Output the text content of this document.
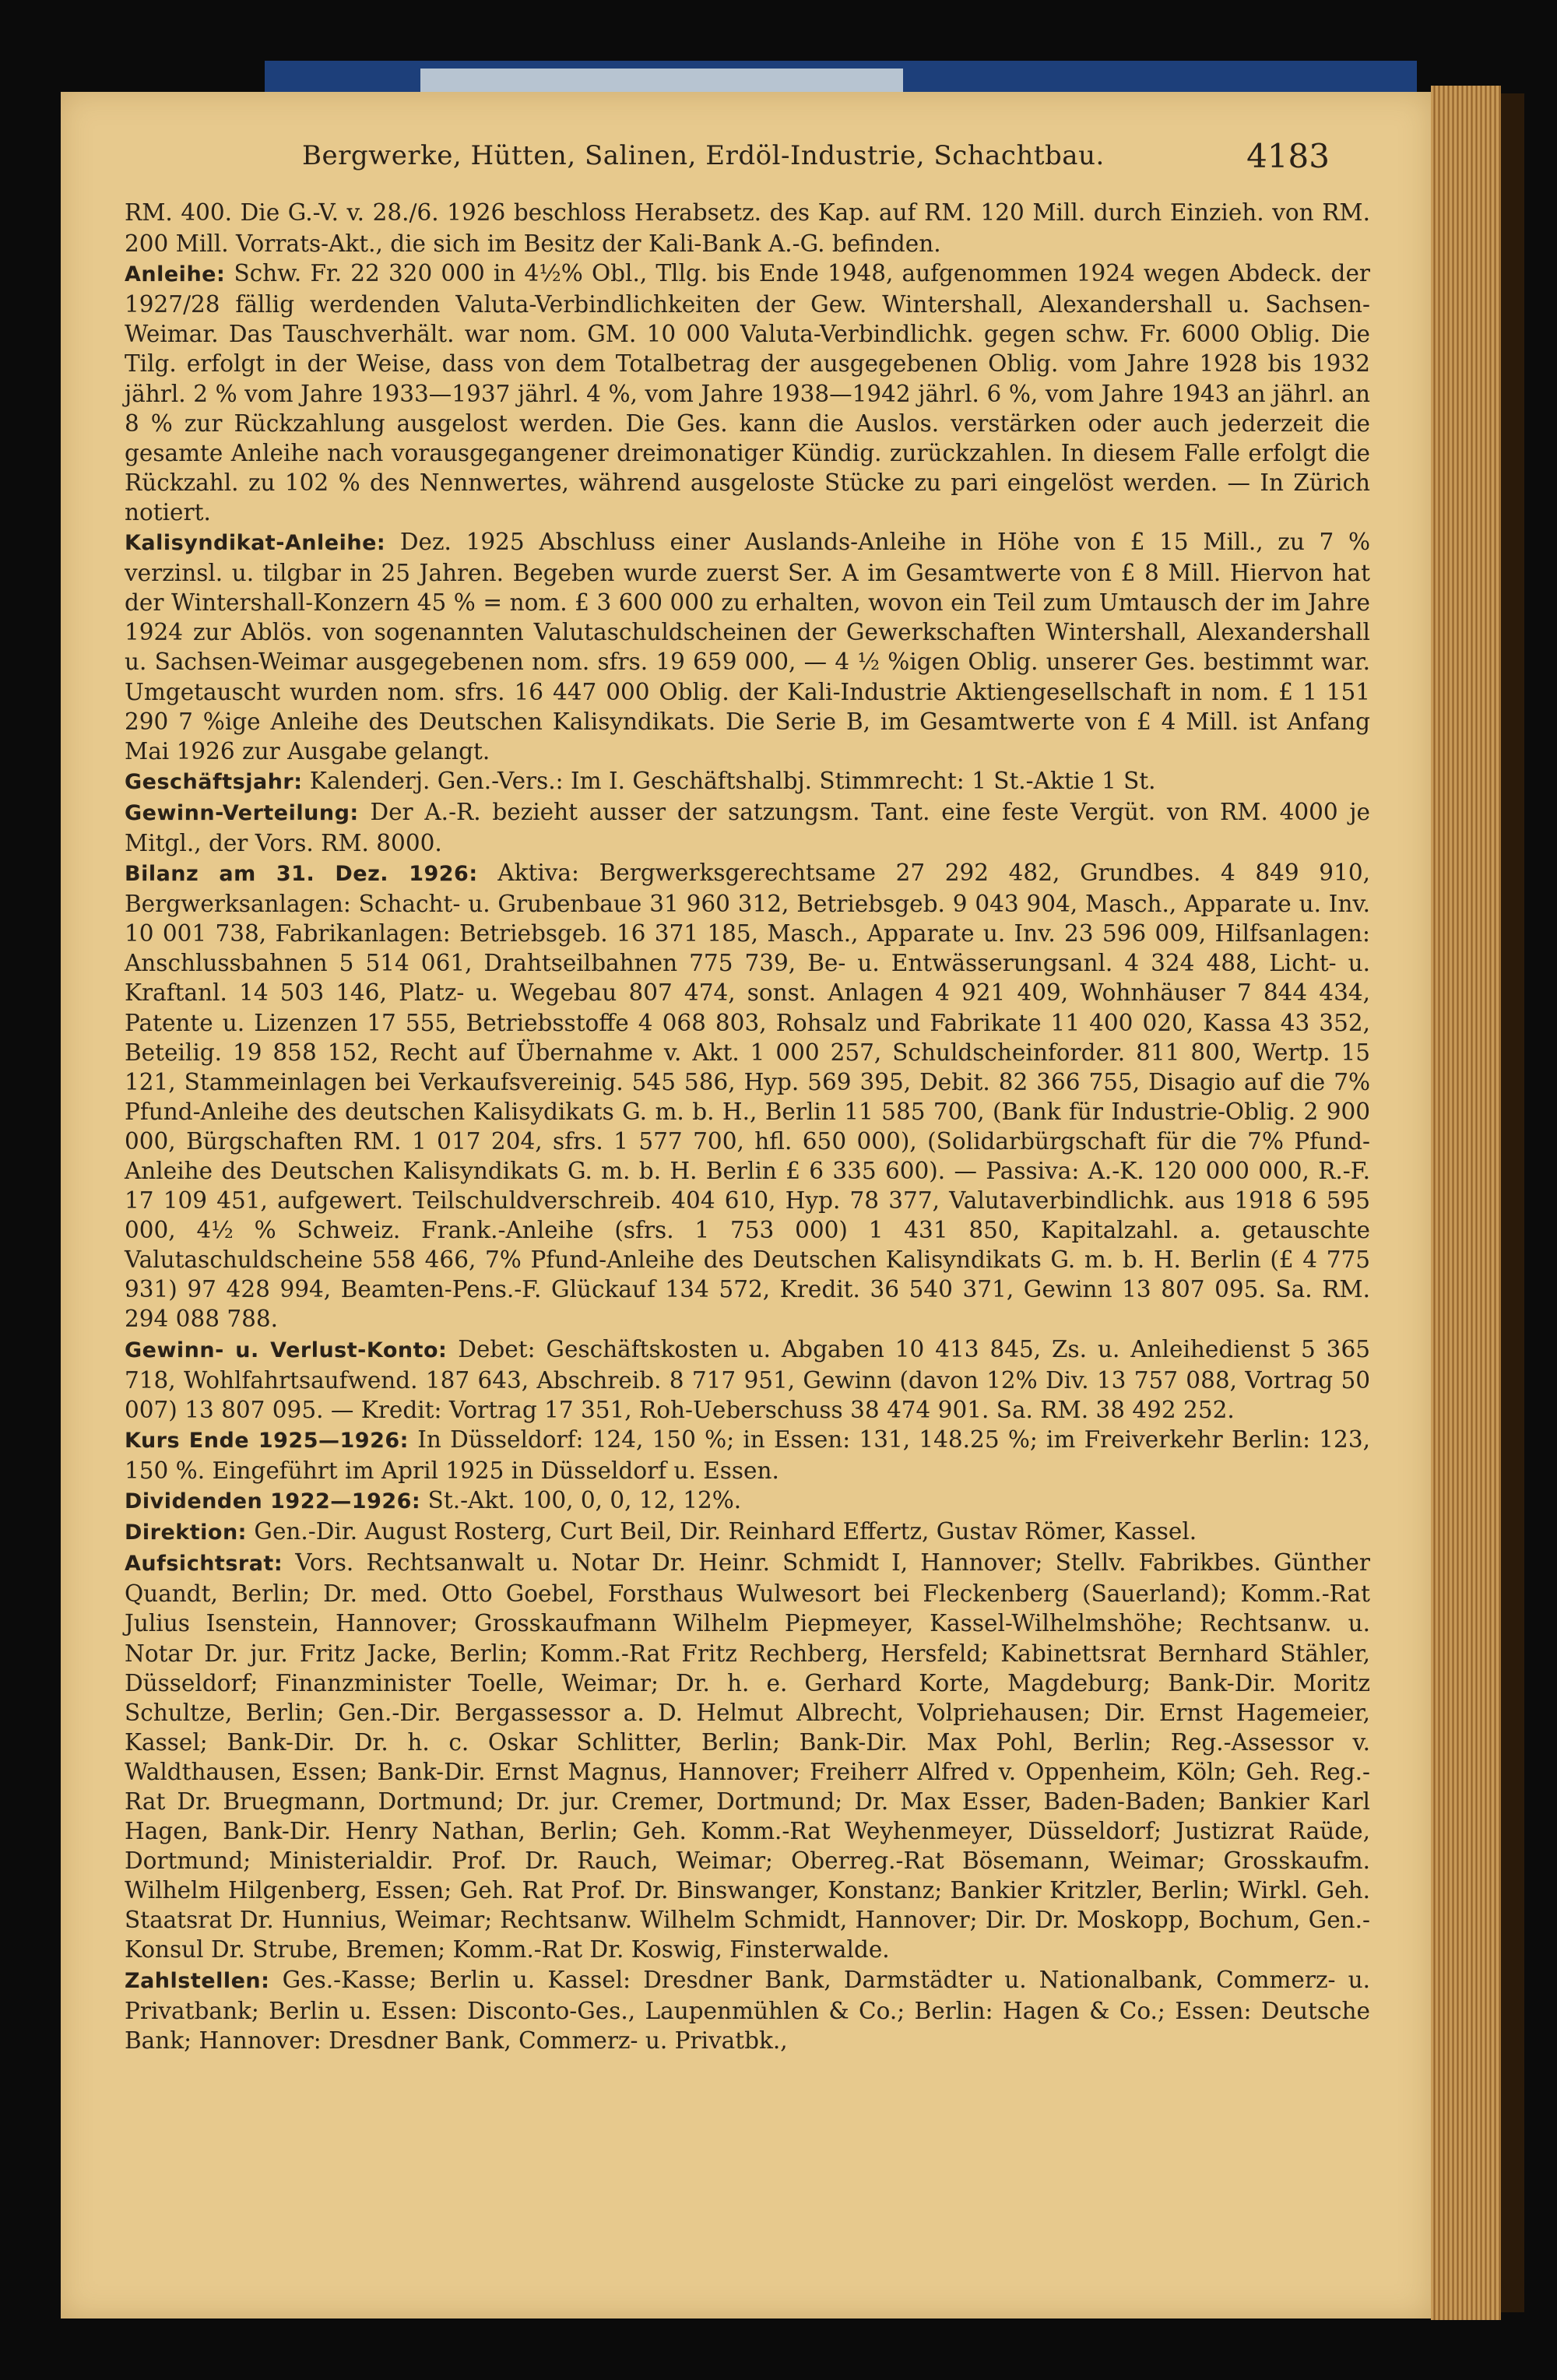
Bergwerke, Hütten, Salinen, Erdöl-Industrie, Schachtbau.	4183

RM. 400. Die G.-V. v. 28./6. 1926 beschloss Herabsetz. des Kap. auf RM. 120 Mill. durch Einzieh. von RM. 200 Mill. Vorrats-Akt., die sich im Besitz der Kali-Bank A.-G. befinden.

Anleihe: Schw. Fr. 22 320 000 in 4½% Obl., Tllg. bis Ende 1948, aufgenommen 1924 wegen Abdeck. der 1927/28 fällig werdenden Valuta-Verbindlichkeiten der Gew. Wintershall, Alexandershall u. Sachsen-Weimar. Das Tauschverhält. war nom. GM. 10 000 Valuta-Verbindlichk. gegen schw. Fr. 6000 Oblig. Die Tilg. erfolgt in der Weise, dass von dem Totalbetrag der ausgegebenen Oblig. vom Jahre 1928 bis 1932 jährl. 2 % vom Jahre 1933—1937 jährl. 4 %, vom Jahre 1938—1942 jährl. 6 %, vom Jahre 1943 an jährl. an 8 % zur Rückzahlung ausgelost werden. Die Ges. kann die Auslos. verstärken oder auch jederzeit die gesamte Anleihe nach vorausgegangener dreimonatiger Kündig. zurückzahlen. In diesem Falle erfolgt die Rückzahl. zu 102 % des Nennwertes, während ausgeloste Stücke zu pari eingelöst werden. — In Zürich notiert.

Kalisyndikat-Anleihe: Dez. 1925 Abschluss einer Auslands-Anleihe in Höhe von £ 15 Mill., zu 7 % verzinsl. u. tilgbar in 25 Jahren. Begeben wurde zuerst Ser. A im Gesamtwerte von £ 8 Mill. Hiervon hat der Wintershall-Konzern 45 % = nom. £ 3 600 000 zu erhalten, wovon ein Teil zum Umtausch der im Jahre 1924 zur Ablös. von sogenannten Valutaschuldscheinen der Gewerkschaften Wintershall, Alexandershall u. Sachsen-Weimar ausgegebenen nom. sfrs. 19 659 000, — 4 ½ %igen Oblig. unserer Ges. bestimmt war. Umgetauscht wurden nom. sfrs. 16 447 000 Oblig. der Kali-Industrie Aktiengesellschaft in nom. £ 1 151 290 7 %ige Anleihe des Deutschen Kalisyndikats. Die Serie B, im Gesamtwerte von £ 4 Mill. ist Anfang Mai 1926 zur Ausgabe gelangt.

Geschäftsjahr: Kalenderj. Gen.-Vers.: Im I. Geschäftshalbj. Stimmrecht: 1 St.-Aktie 1 St.

Gewinn-Verteilung: Der A.-R. bezieht ausser der satzungsm. Tant. eine feste Vergüt. von RM. 4000 je Mitgl., der Vors. RM. 8000.

Bilanz am 31. Dez. 1926: Aktiva: Bergwerksgerechtsame 27 292 482, Grundbes. 4 849 910, Bergwerksanlagen: Schacht- u. Grubenbaue 31 960 312, Betriebsgeb. 9 043 904, Masch., Apparate u. Inv. 10 001 738, Fabrikanlagen: Betriebsgeb. 16 371 185, Masch., Apparate u. Inv. 23 596 009, Hilfsanlagen: Anschlussbahnen 5 514 061, Drahtseilbahnen 775 739, Be- u. Entwässerungsanl. 4 324 488, Licht- u. Kraftanl. 14 503 146, Platz- u. Wegebau 807 474, sonst. Anlagen 4 921 409, Wohnhäuser 7 844 434, Patente u. Lizenzen 17 555, Betriebsstoffe 4 068 803, Rohsalz und Fabrikate 11 400 020, Kassa 43 352, Beteilig. 19 858 152, Recht auf Übernahme v. Akt. 1 000 257, Schuldscheinforder. 811 800, Wertp. 15 121, Stammeinlagen bei Verkaufsvereinig. 545 586, Hyp. 569 395, Debit. 82 366 755, Disagio auf die 7% Pfund-Anleihe des deutschen Kalisydikats G. m. b. H., Berlin 11 585 700, (Bank für Industrie-Oblig. 2 900 000, Bürgschaften RM. 1 017 204, sfrs. 1 577 700, hfl. 650 000), (Solidarbürgschaft für die 7% Pfund-Anleihe des Deutschen Kalisyndikats G. m. b. H. Berlin £ 6 335 600). — Passiva: A.-K. 120 000 000, R.-F. 17 109 451, aufgewert. Teilschuldverschreib. 404 610, Hyp. 78 377, Valutaverbindlichk. aus 1918 6 595 000, 4½ % Schweiz. Frank.-Anleihe (sfrs. 1 753 000) 1 431 850, Kapitalzahl. a. getauschte Valutaschuldscheine 558 466, 7% Pfund-Anleihe des Deutschen Kalisyndikats G. m. b. H. Berlin (£ 4 775 931) 97 428 994, Beamten-Pens.-F. Glückauf 134 572, Kredit. 36 540 371, Gewinn 13 807 095. Sa. RM. 294 088 788.

Gewinn- u. Verlust-Konto: Debet: Geschäftskosten u. Abgaben 10 413 845, Zs. u. Anleihedienst 5 365 718, Wohlfahrtsaufwend. 187 643, Abschreib. 8 717 951, Gewinn (davon 12% Div. 13 757 088, Vortrag 50 007) 13 807 095. — Kredit: Vortrag 17 351, Roh-Ueberschuss 38 474 901. Sa. RM. 38 492 252.

Kurs Ende 1925—1926: In Düsseldorf: 124, 150 %; in Essen: 131, 148.25 %; im Freiverkehr Berlin: 123, 150 %. Eingeführt im April 1925 in Düsseldorf u. Essen.

Dividenden 1922—1926: St.-Akt. 100, 0, 0, 12, 12%.

Direktion: Gen.-Dir. August Rosterg, Curt Beil, Dir. Reinhard Effertz, Gustav Römer, Kassel.

Aufsichtsrat: Vors. Rechtsanwalt u. Notar Dr. Heinr. Schmidt I, Hannover; Stellv. Fabrikbes. Günther Quandt, Berlin; Dr. med. Otto Goebel, Forsthaus Wulwesort bei Fleckenberg (Sauerland); Komm.-Rat Julius Isenstein, Hannover; Grosskaufmann Wilhelm Piepmeyer, Kassel-Wilhelmshöhe; Rechtsanw. u. Notar Dr. jur. Fritz Jacke, Berlin; Komm.-Rat Fritz Rechberg, Hersfeld; Kabinettsrat Bernhard Stähler, Düsseldorf; Finanzminister Toelle, Weimar; Dr. h. e. Gerhard Korte, Magdeburg; Bank-Dir. Moritz Schultze, Berlin; Gen.-Dir. Bergassessor a. D. Helmut Albrecht, Volpriehausen; Dir. Ernst Hagemeier, Kassel; Bank-Dir. Dr. h. c. Oskar Schlitter, Berlin; Bank-Dir. Max Pohl, Berlin; Reg.-Assessor v. Waldthausen, Essen; Bank-Dir. Ernst Magnus, Hannover; Freiherr Alfred v. Oppenheim, Köln; Geh. Reg.-Rat Dr. Bruegmann, Dortmund; Dr. jur. Cremer, Dortmund; Dr. Max Esser, Baden-Baden; Bankier Karl Hagen, Bank-Dir. Henry Nathan, Berlin; Geh. Komm.-Rat Weyhenmeyer, Düsseldorf; Justizrat Raüde, Dortmund; Ministerialdir. Prof. Dr. Rauch, Weimar; Oberreg.-Rat Bösemann, Weimar; Grosskaufm. Wilhelm Hilgenberg, Essen; Geh. Rat Prof. Dr. Binswanger, Konstanz; Bankier Kritzler, Berlin; Wirkl. Geh. Staatsrat Dr. Hunnius, Weimar; Rechtsanw. Wilhelm Schmidt, Hannover; Dir. Dr. Moskopp, Bochum, Gen.-Konsul Dr. Strube, Bremen; Komm.-Rat Dr. Koswig, Finsterwalde.

Zahlstellen: Ges.-Kasse; Berlin u. Kassel: Dresdner Bank, Darmstädter u. Nationalbank, Commerz- u. Privatbank; Berlin u. Essen: Disconto-Ges., Laupenmühlen & Co.; Berlin: Hagen & Co.; Essen: Deutsche Bank; Hannover: Dresdner Bank, Commerz- u. Privatbk.,
